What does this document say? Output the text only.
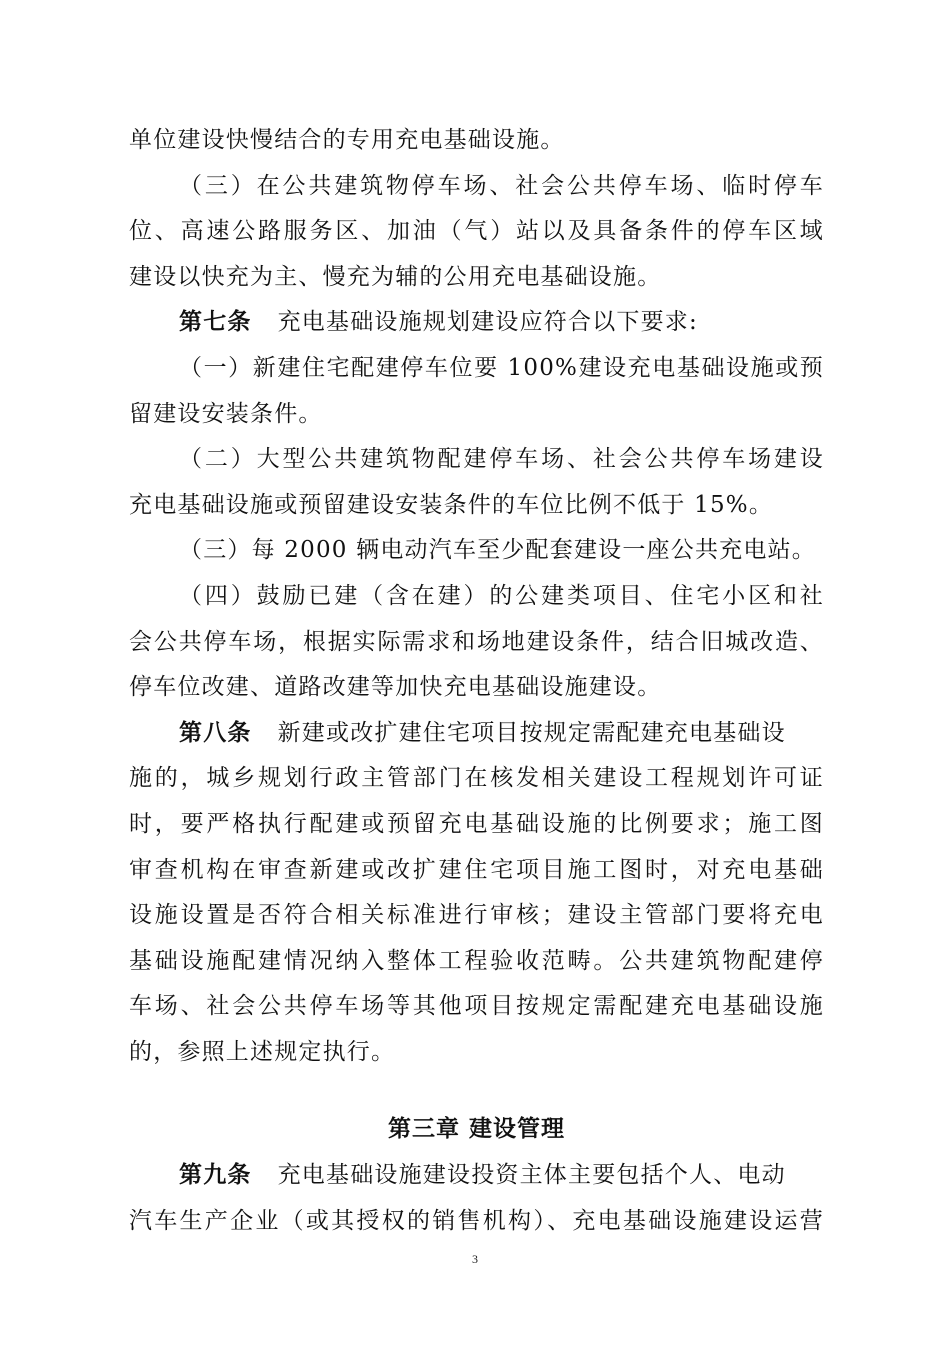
单位建设快慢结合的专用充电基础设施。
（三）在公共建筑物停车场、社会公共停车场、临时停车
位、高速公路服务区、加油（气）站以及具备条件的停车区域
建设以快充为主、慢充为辅的公用充电基础设施。
第七条 充电基础设施规划建设应符合以下要求:
（一）新建住宅配建停车位要 100%建设充电基础设施或预
留建设安装条件。
（二）大型公共建筑物配建停车场、社会公共停车场建设
充电基础设施或预留建设安装条件的车位比例不低于 15%。
（三）每 2000 辆电动汽车至少配套建设一座公共充电站。
（四）鼓励已建（含在建）的公建类项目、住宅小区和社
会公共停车场，根据实际需求和场地建设条件，结合旧城改造、
停车位改建、道路改建等加快充电基础设施建设。
第八条 新建或改扩建住宅项目按规定需配建充电基础设
施的，城乡规划行政主管部门在核发相关建设工程规划许可证
时，要严格执行配建或预留充电基础设施的比例要求；施工图
审查机构在审查新建或改扩建住宅项目施工图时，对充电基础
设施设置是否符合相关标准进行审核；建设主管部门要将充电
基础设施配建情况纳入整体工程验收范畴。公共建筑物配建停
车场、社会公共停车场等其他项目按规定需配建充电基础设施
的，参照上述规定执行。
第三章 建设管理
第九条 充电基础设施建设投资主体主要包括个人、电动
汽车生产企业（或其授权的销售机构）、充电基础设施建设运营
3
